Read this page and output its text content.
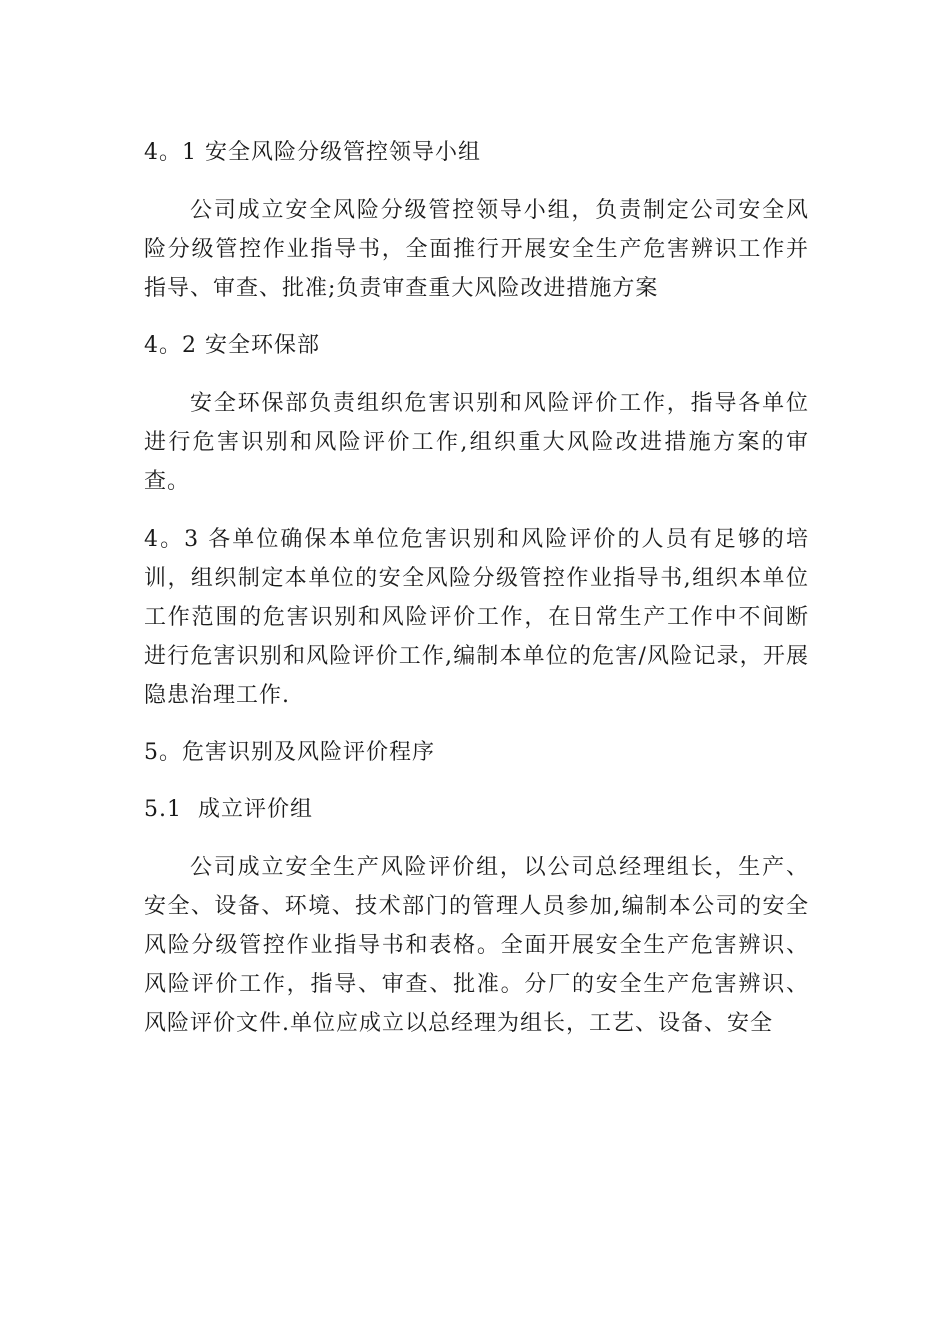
4。1 安全风险分级管控领导小组

公司成立安全风险分级管控领导小组，负责制定公司安全风险分级管控作业指导书，全面推行开展安全生产危害辨识工作并指导、审查、批准;负责审查重大风险改进措施方案

4。2 安全环保部

安全环保部负责组织危害识别和风险评价工作，指导各单位进行危害识别和风险评价工作,组织重大风险改进措施方案的审查。

4。3 各单位确保本单位危害识别和风险评价的人员有足够的培训，组织制定本单位的安全风险分级管控作业指导书,组织本单位工作范围的危害识别和风险评价工作，在日常生产工作中不间断进行危害识别和风险评价工作,编制本单位的危害/风险记录，开展隐患治理工作.

5。危害识别及风险评价程序

5.1  成立评价组

公司成立安全生产风险评价组，以公司总经理组长，生产、安全、设备、环境、技术部门的管理人员参加,编制本公司的安全风险分级管控作业指导书和表格。全面开展安全生产危害辨识、风险评价工作，指导、审查、批准。分厂的安全生产危害辨识、风险评价文件.单位应成立以总经理为组长，工艺、设备、安全
